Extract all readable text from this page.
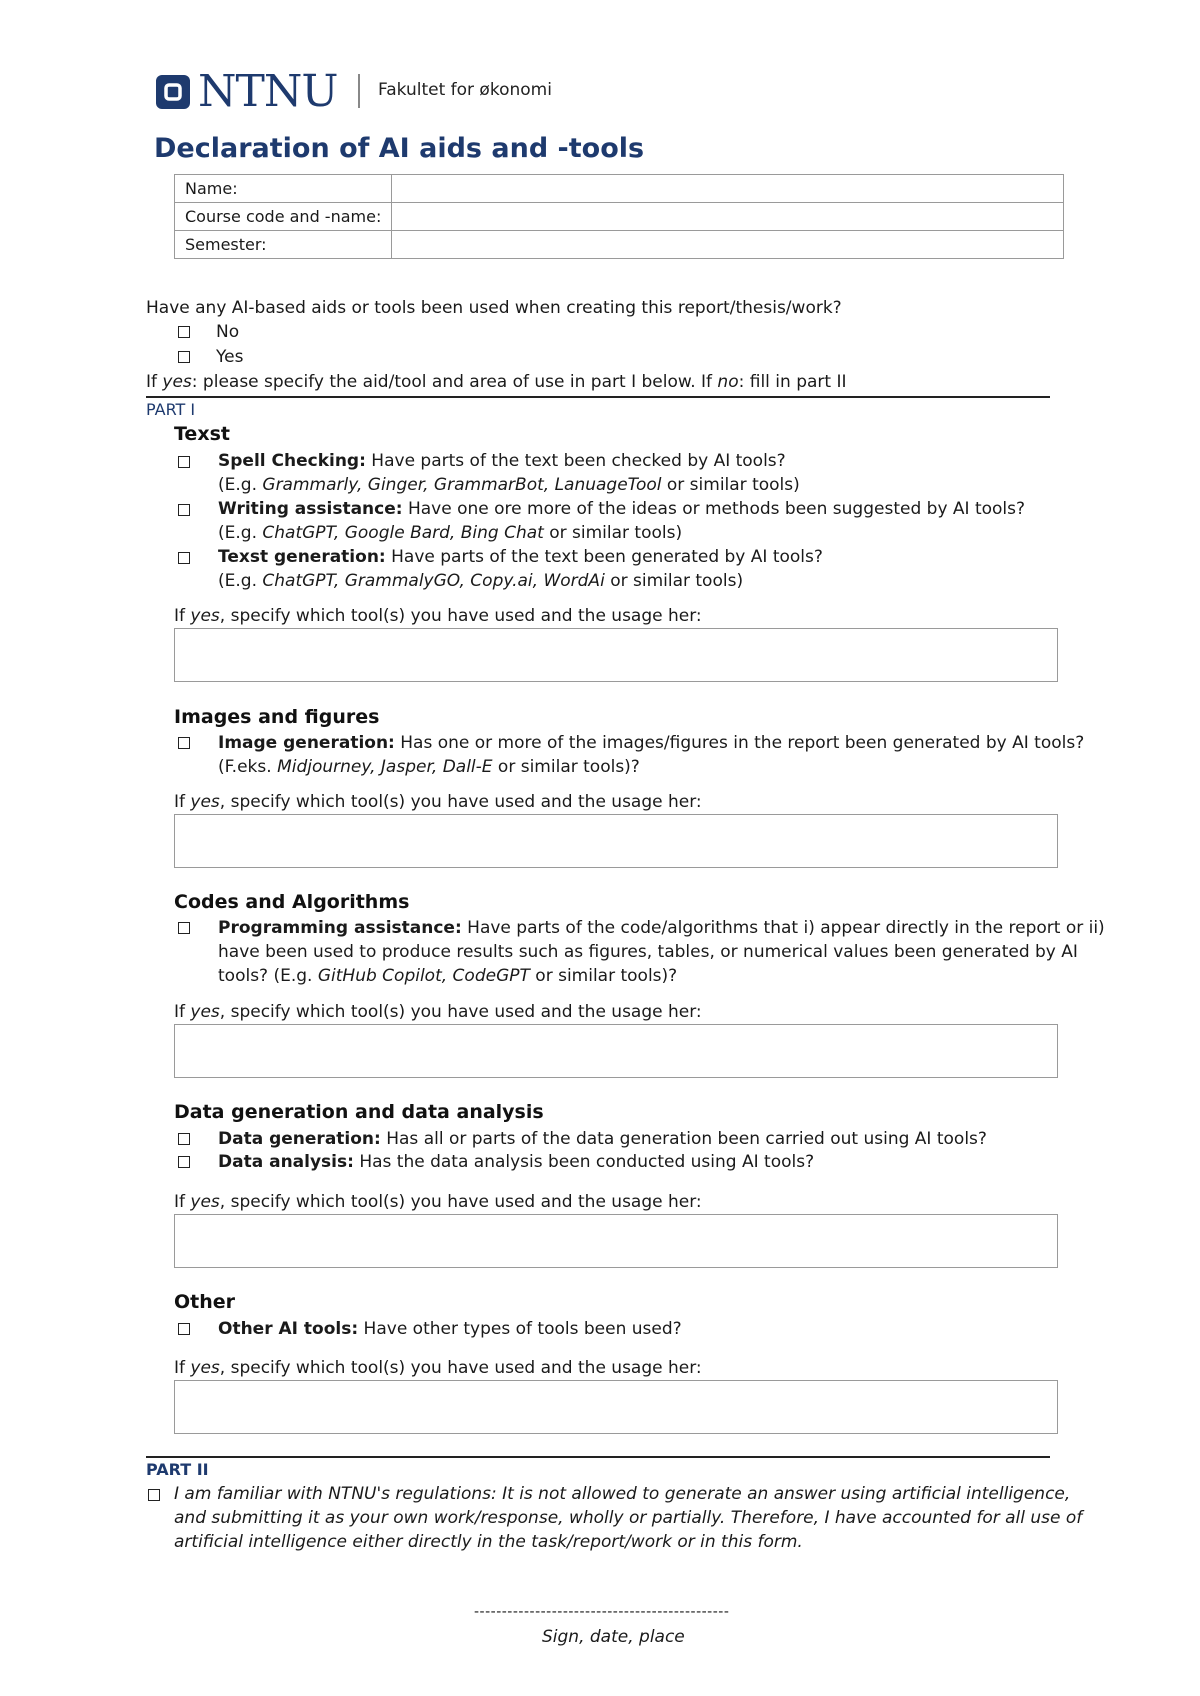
NTNU Fakultet for økonomi
Declaration of AI aids and -tools
Name:	
Course code and -name:	
Semester:	
Have any AI-based aids or tools been used when creating this report/thesis/work?
No
Yes
If yes: please specify the aid/tool and area of use in part I below. If no: fill in part II
PART I
Texst
Spell Checking: Have parts of the text been checked by AI tools?
(E.g. Grammarly, Ginger, GrammarBot, LanuageTool or similar tools)
Writing assistance: Have one ore more of the ideas or methods been suggested by AI tools?
(E.g. ChatGPT, Google Bard, Bing Chat or similar tools)
Texst generation: Have parts of the text been generated by AI tools?
(E.g. ChatGPT, GrammalyGO, Copy.ai, WordAi or similar tools)
If yes, specify which tool(s) you have used and the usage her:
Images and figures
Image generation: Has one or more of the images/figures in the report been generated by AI tools?
(F.eks. Midjourney, Jasper, Dall-E or similar tools)?
If yes, specify which tool(s) you have used and the usage her:
Codes and Algorithms
Programming assistance: Have parts of the code/algorithms that i) appear directly in the report or ii)
have been used to produce results such as figures, tables, or numerical values been generated by AI
tools? (E.g. GitHub Copilot, CodeGPT or similar tools)?
If yes, specify which tool(s) you have used and the usage her:
Data generation and data analysis
Data generation: Has all or parts of the data generation been carried out using AI tools?
Data analysis: Has the data analysis been conducted using AI tools?
If yes, specify which tool(s) you have used and the usage her:
Other
Other AI tools: Have other types of tools been used?
If yes, specify which tool(s) you have used and the usage her:
PART II
I am familiar with NTNU's regulations: It is not allowed to generate an answer using artificial intelligence,
and submitting it as your own work/response, wholly or partially. Therefore, I have accounted for all use of
artificial intelligence either directly in the task/report/work or in this form.
----------------------------------------------
Sign, date, place
